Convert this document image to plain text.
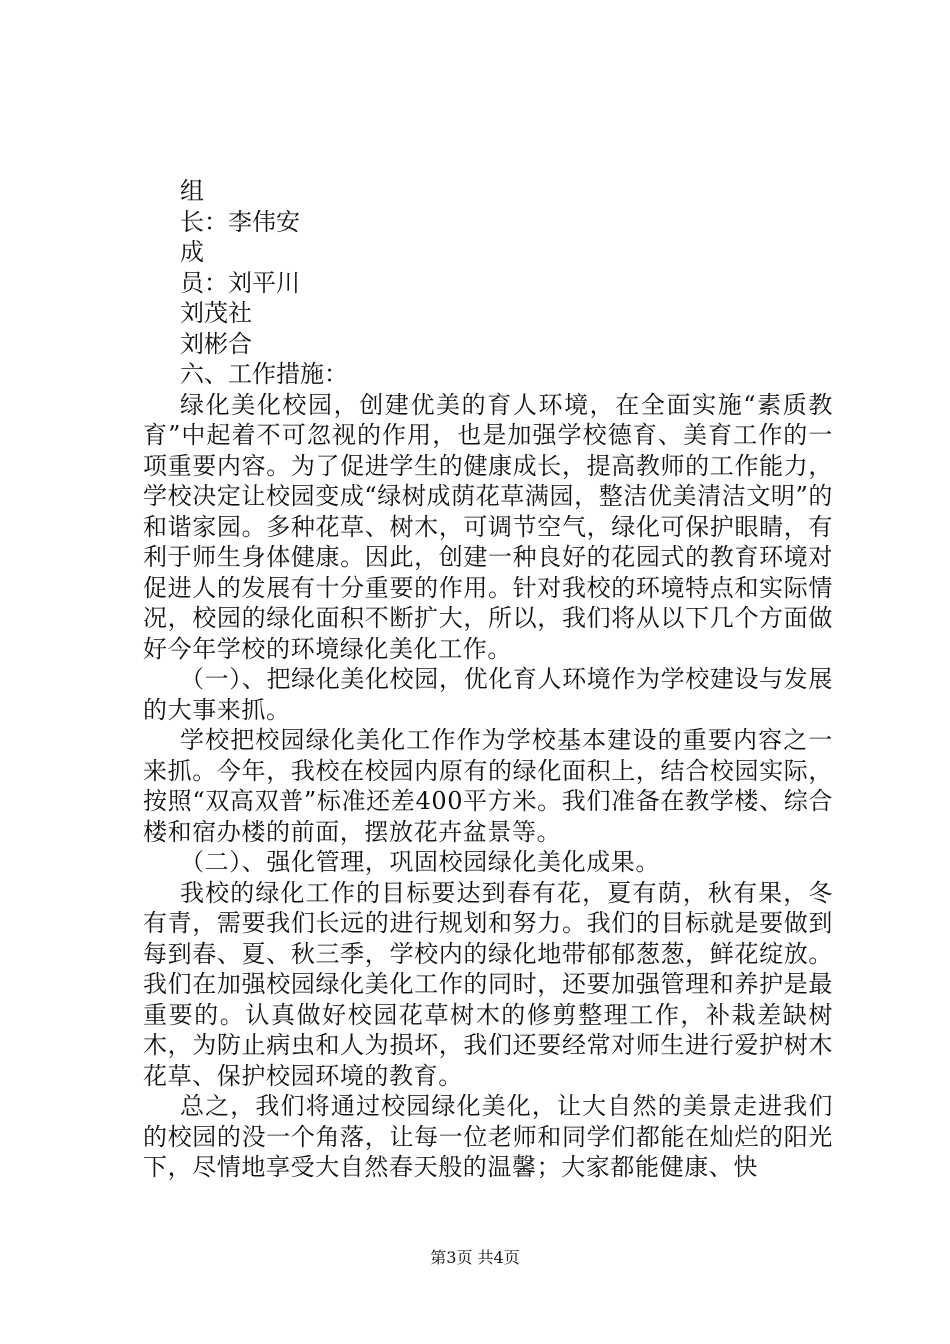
组
长：李伟安
成
员：刘平川
刘茂社
刘彬合
六、工作措施：
绿化美化校园，创建优美的育人环境，在全面实施“素质教育”中起着不可忽视的作用，也是加强学校德育、美育工作的一项重要内容。为了促进学生的健康成长，提高教师的工作能力，学校决定让校园变成“绿树成荫花草满园，整洁优美清洁文明”的和谐家园。多种花草、树木，可调节空气，绿化可保护眼睛，有利于师生身体健康。因此，创建一种良好的花园式的教育环境对促进人的发展有十分重要的作用。针对我校的环境特点和实际情况，校园的绿化面积不断扩大，所以，我们将从以下几个方面做好今年学校的环境绿化美化工作。
（一）、把绿化美化校园，优化育人环境作为学校建设与发展的大事来抓。
学校把校园绿化美化工作作为学校基本建设的重要内容之一来抓。今年，我校在校园内原有的绿化面积上，结合校园实际，按照“双高双普”标准还差400平方米。我们准备在教学楼、综合楼和宿办楼的前面，摆放花卉盆景等。
（二）、强化管理，巩固校园绿化美化成果。
我校的绿化工作的目标要达到春有花，夏有荫，秋有果，冬有青，需要我们长远的进行规划和努力。我们的目标就是要做到每到春、夏、秋三季，学校内的绿化地带郁郁葱葱，鲜花绽放。我们在加强校园绿化美化工作的同时，还要加强管理和养护是最重要的。认真做好校园花草树木的修剪整理工作，补栽差缺树木，为防止病虫和人为损坏，我们还要经常对师生进行爱护树木花草、保护校园环境的教育。
总之，我们将通过校园绿化美化，让大自然的美景走进我们的校园的没一个角落，让每一位老师和同学们都能在灿烂的阳光下，尽情地享受大自然春天般的温馨；大家都能健康、快
第3页 共4页
